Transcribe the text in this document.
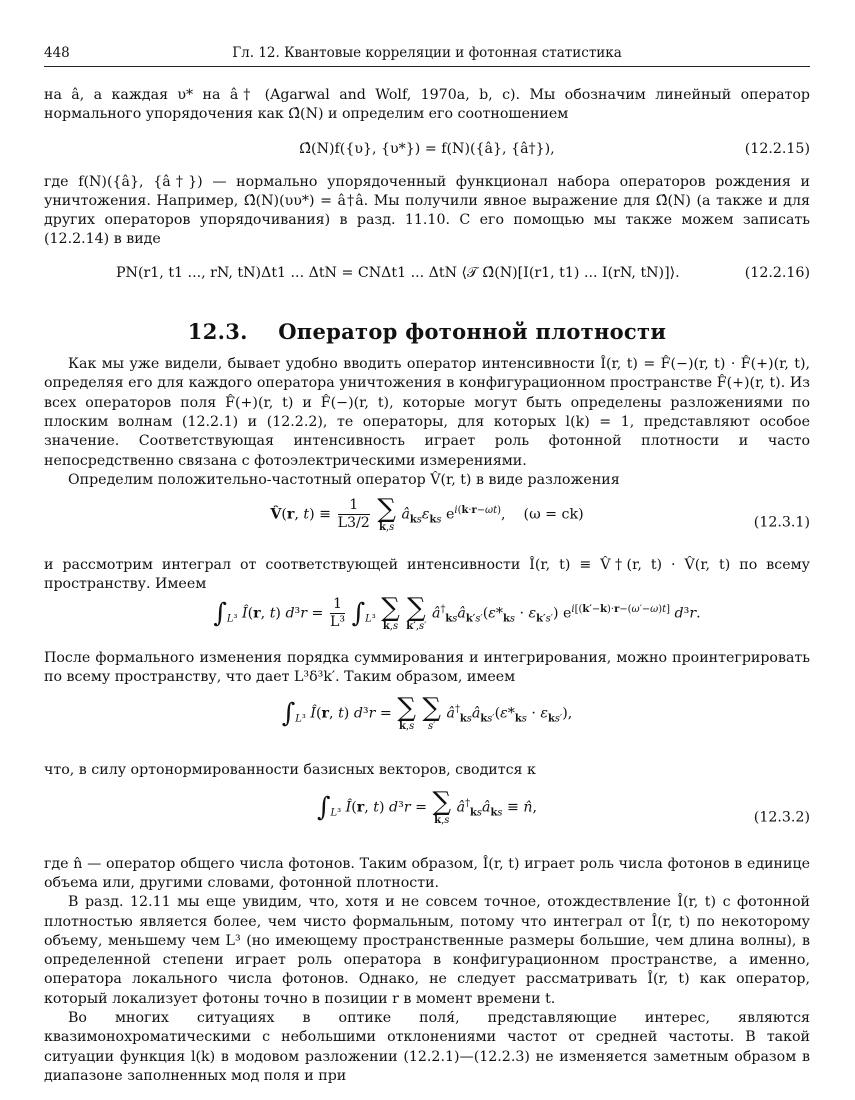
448	Гл. 12. Квантовые корреляции и фотонная статистика

на â, а каждая υ* на â† (Agarwal and Wolf, 1970a, b, c). Мы обозначим линейный оператор нормального упорядочения как Ω̂(N) и определим его соотношением

Ω̂(N)f({υ}, {υ*}) = f(N)({â}, {â†}),	(12.2.15)

где f(N)({â}, {â†}) — нормально упорядоченный функционал набора операторов рождения и уничтожения. Например, Ω̂(N)(υυ*) = â†â. Мы получили явное выражение для Ω̂(N) (а также и для других операторов упорядочивания) в разд. 11.10. С его помощью мы также можем записать (12.2.14) в виде

PN(r1, t1 ..., rN, tN)Δt1 ... ΔtN = CNΔt1 ... ΔtN ⟨𝒯 Ω̂(N)[I(r1, t1) ... I(rN, tN)]⟩.	(12.2.16)
12.3. Оператор фотонной плотности

Как мы уже видели, бывает удобно вводить оператор интенсивности Î(r, t) = F̂(−)(r, t) · F̂(+)(r, t), определяя его для каждого оператора уничтожения в конфигурационном пространстве F̂(+)(r, t). Из всех операторов поля F̂(+)(r, t) и F̂(−)(r, t), которые могут быть определены разложениями по плоским волнам (12.2.1) и (12.2.2), те операторы, для которых l(k) = 1, представляют особое значение. Соответствующая интенсивность играет роль фотонной плотности и часто непосредственно связана с фотоэлектрическими измерениями.

Определим положительно-частотный оператор V̂(r, t) в виде разложения

V̂(r, $t) \equiv \frac{1}{L3/2}$
∑
k,s
$â_{ks}\varepsilon_{ks}$ $e^{i(k\cdot r-\omega t)}$,    (ω = ck)	(12.3.1)

и рассмотрим интеграл от соответствующей интенсивности Î(r, t) ≡ V̂†(r, t) · V̂(r, t) по всему пространству. Имеем

$\int_{L^3}$ Î(r, t) $d^3r = \frac{1}{\text{L³}} \int_{L^3}$ ∑
k,s

∑
k′,s′
$â^\dagger_{ks}â_{k's'}(\varepsilon*_{ks} \cdot \varepsilon_{k's'})$ $e^{i[(k'-k)\cdot r-(\omega'-\omega)t]}$ d³r.

После формального изменения порядка суммирования и интегрирования, можно проинтегрировать по всему пространству, что дает L³δ³k′. Таким образом, имеем

$\int_{L^3}$ Î(r, t) d³r = ∑
k,s

∑
s′
$â^\dagger_{ks}â_{ks'}(\varepsilon*_{ks} \cdot \varepsilon_{ks'})$,

что, в силу ортонормированности базисных векторов, сводится к

$\int_{L^3}$ Î(r, t) d³r = ∑
k,s
$â^\dagger_{ks}â_{ks}$ ≡ n̂,
(12.3.2)

где n̂ — оператор общего числа фотонов. Таким образом, Î(r, t) играет роль числа фотонов в единице объема или, другими словами, фотонной плотности.

В разд. 12.11 мы еще увидим, что, хотя и не совсем точное, отождествление Î(r, t) с фотонной плотностью является более, чем чисто формальным, потому что интеграл от Î(r, t) по некоторому объему, меньшему чем L³ (но имеющему пространственные размеры большие, чем длина волны), в определенной степени играет роль оператора в конфигурационном пространстве, а именно, оператора локального числа фотонов. Однако, не следует рассматривать Î(r, t) как оператор, который локализует фотоны точно в позиции r в момент времени t.

Во многих ситуациях в оптике поля́, представляющие интерес, являются квазимонохроматическими с небольшими отклонениями частот от средней частоты. В такой ситуации функция l(k) в модовом разложении (12.2.1)—(12.2.3) не изменяется заметным образом в диапазоне заполненных мод поля и при
